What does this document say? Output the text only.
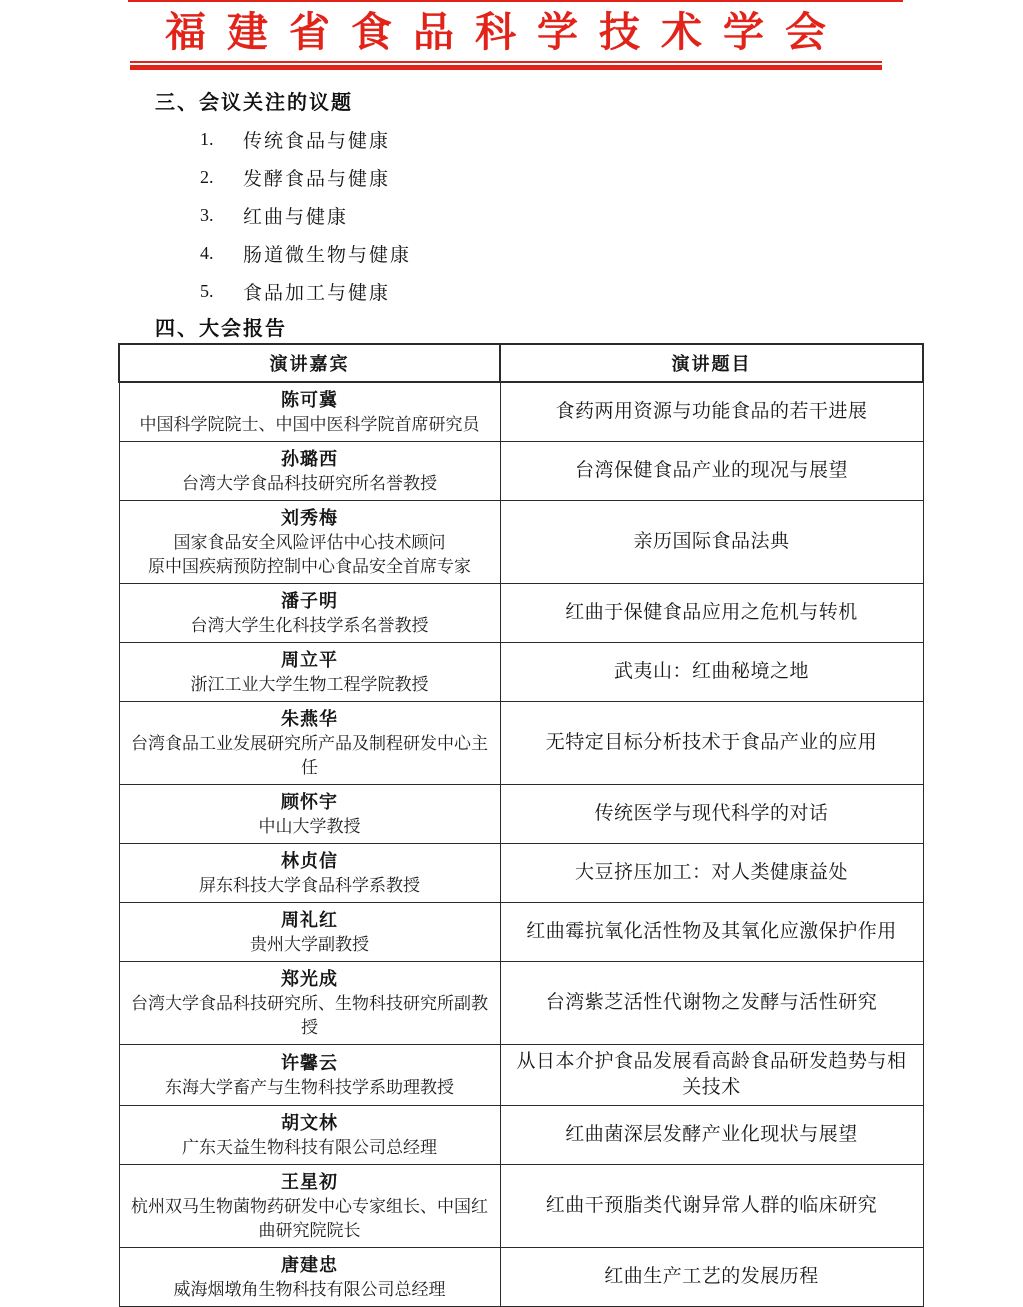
福建省食品科学技术学会
三、会议关注的议题
1.	传统食品与健康
2.	发酵食品与健康
3.	红曲与健康
4.	肠道微生物与健康
5.	食品加工与健康
四、大会报告
演讲嘉宾	演讲题目

陈可冀
中国科学院院士、中国中医科学院首席研究员	食药两用资源与功能食品的若干进展

孙璐西
台湾大学食品科技研究所名誉教授	台湾保健食品产业的现况与展望

刘秀梅
国家食品安全风险评估中心技术顾问
原中国疾病预防控制中心食品安全首席专家	亲历国际食品法典

潘子明
台湾大学生化科技学系名誉教授	红曲于保健食品应用之危机与转机

周立平
浙江工业大学生物工程学院教授	武夷山：红曲秘境之地

朱燕华
台湾食品工业发展研究所产品及制程研发中心主任	无特定目标分析技术于食品产业的应用

顾怀宇
中山大学教授	传统医学与现代科学的对话

林贞信
屏东科技大学食品科学系教授	大豆挤压加工：对人类健康益处

周礼红
贵州大学副教授	红曲霉抗氧化活性物及其氧化应激保护作用

郑光成
台湾大学食品科技研究所、生物科技研究所副教授	台湾紫芝活性代谢物之发酵与活性研究

许馨云
东海大学畜产与生物科技学系助理教授	从日本介护食品发展看高龄食品研发趋势与相关技术

胡文林
广东天益生物科技有限公司总经理	红曲菌深层发酵产业化现状与展望

王星初
杭州双马生物菌物药研发中心专家组长、中国红曲研究院院长	红曲干预脂类代谢异常人群的临床研究

唐建忠
威海烟墩角生物科技有限公司总经理	红曲生产工艺的发展历程
